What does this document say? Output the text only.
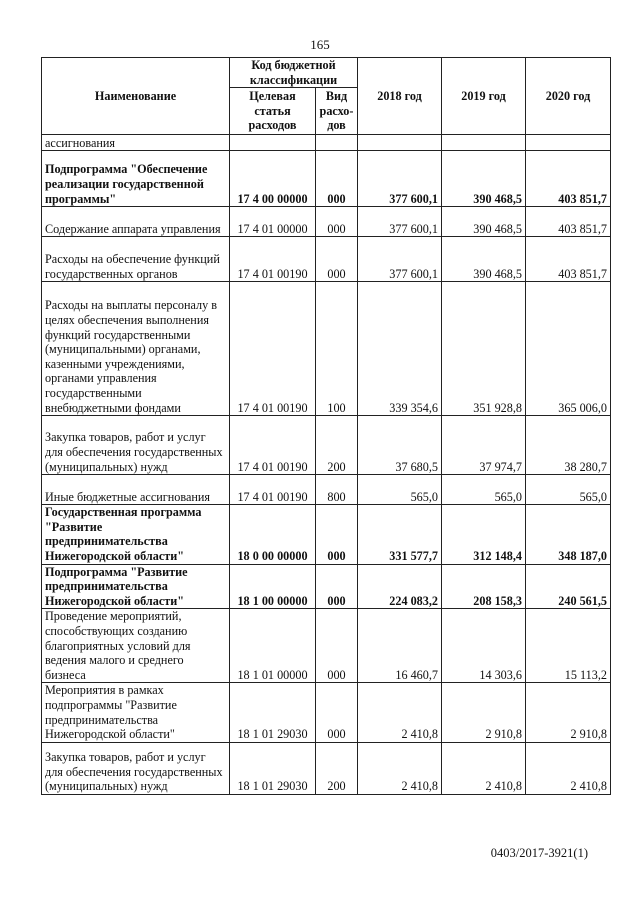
165
Наименование	Код бюджетной классификации		2018 год	2019 год	2020 год
	Целевая статья расходов	Вид расхо-дов			
ассигнования					
Подпрограмма "Обеспечение реализации государственной программы"	17 4 00 00000	000	377 600,1	390 468,5	403 851,7
Содержание аппарата управления	17 4 01 00000	000	377 600,1	390 468,5	403 851,7
Расходы на обеспечение функций государственных органов	17 4 01 00190	000	377 600,1	390 468,5	403 851,7
Расходы на выплаты персоналу в целях обеспечения выполнения функций государственными (муниципальными) органами, казенными учреждениями, органами управления государственными внебюджетными фондами	17 4 01 00190	100	339 354,6	351 928,8	365 006,0
Закупка товаров, работ и услуг для обеспечения государственных (муниципальных) нужд	17 4 01 00190	200	37 680,5	37 974,7	38 280,7
Иные бюджетные ассигнования	17 4 01 00190	800	565,0	565,0	565,0
Государственная программа "Развитие предпринимательства Нижегородской области"	18 0 00 00000	000	331 577,7	312 148,4	348 187,0
Подпрограмма "Развитие предпринимательства Нижегородской области"	18 1 00 00000	000	224 083,2	208 158,3	240 561,5
Проведение мероприятий, способствующих созданию благоприятных условий для ведения малого и среднего бизнеса	18 1 01 00000	000	16 460,7	14 303,6	15 113,2
Мероприятия в рамках подпрограммы "Развитие предпринимательства Нижегородской области"	18 1 01 29030	000	2 410,8	2 910,8	2 910,8
Закупка товаров, работ и услуг для обеспечения государственных (муниципальных) нужд	18 1 01 29030	200	2 410,8	2 410,8	2 410,8
0403/2017-3921(1)
